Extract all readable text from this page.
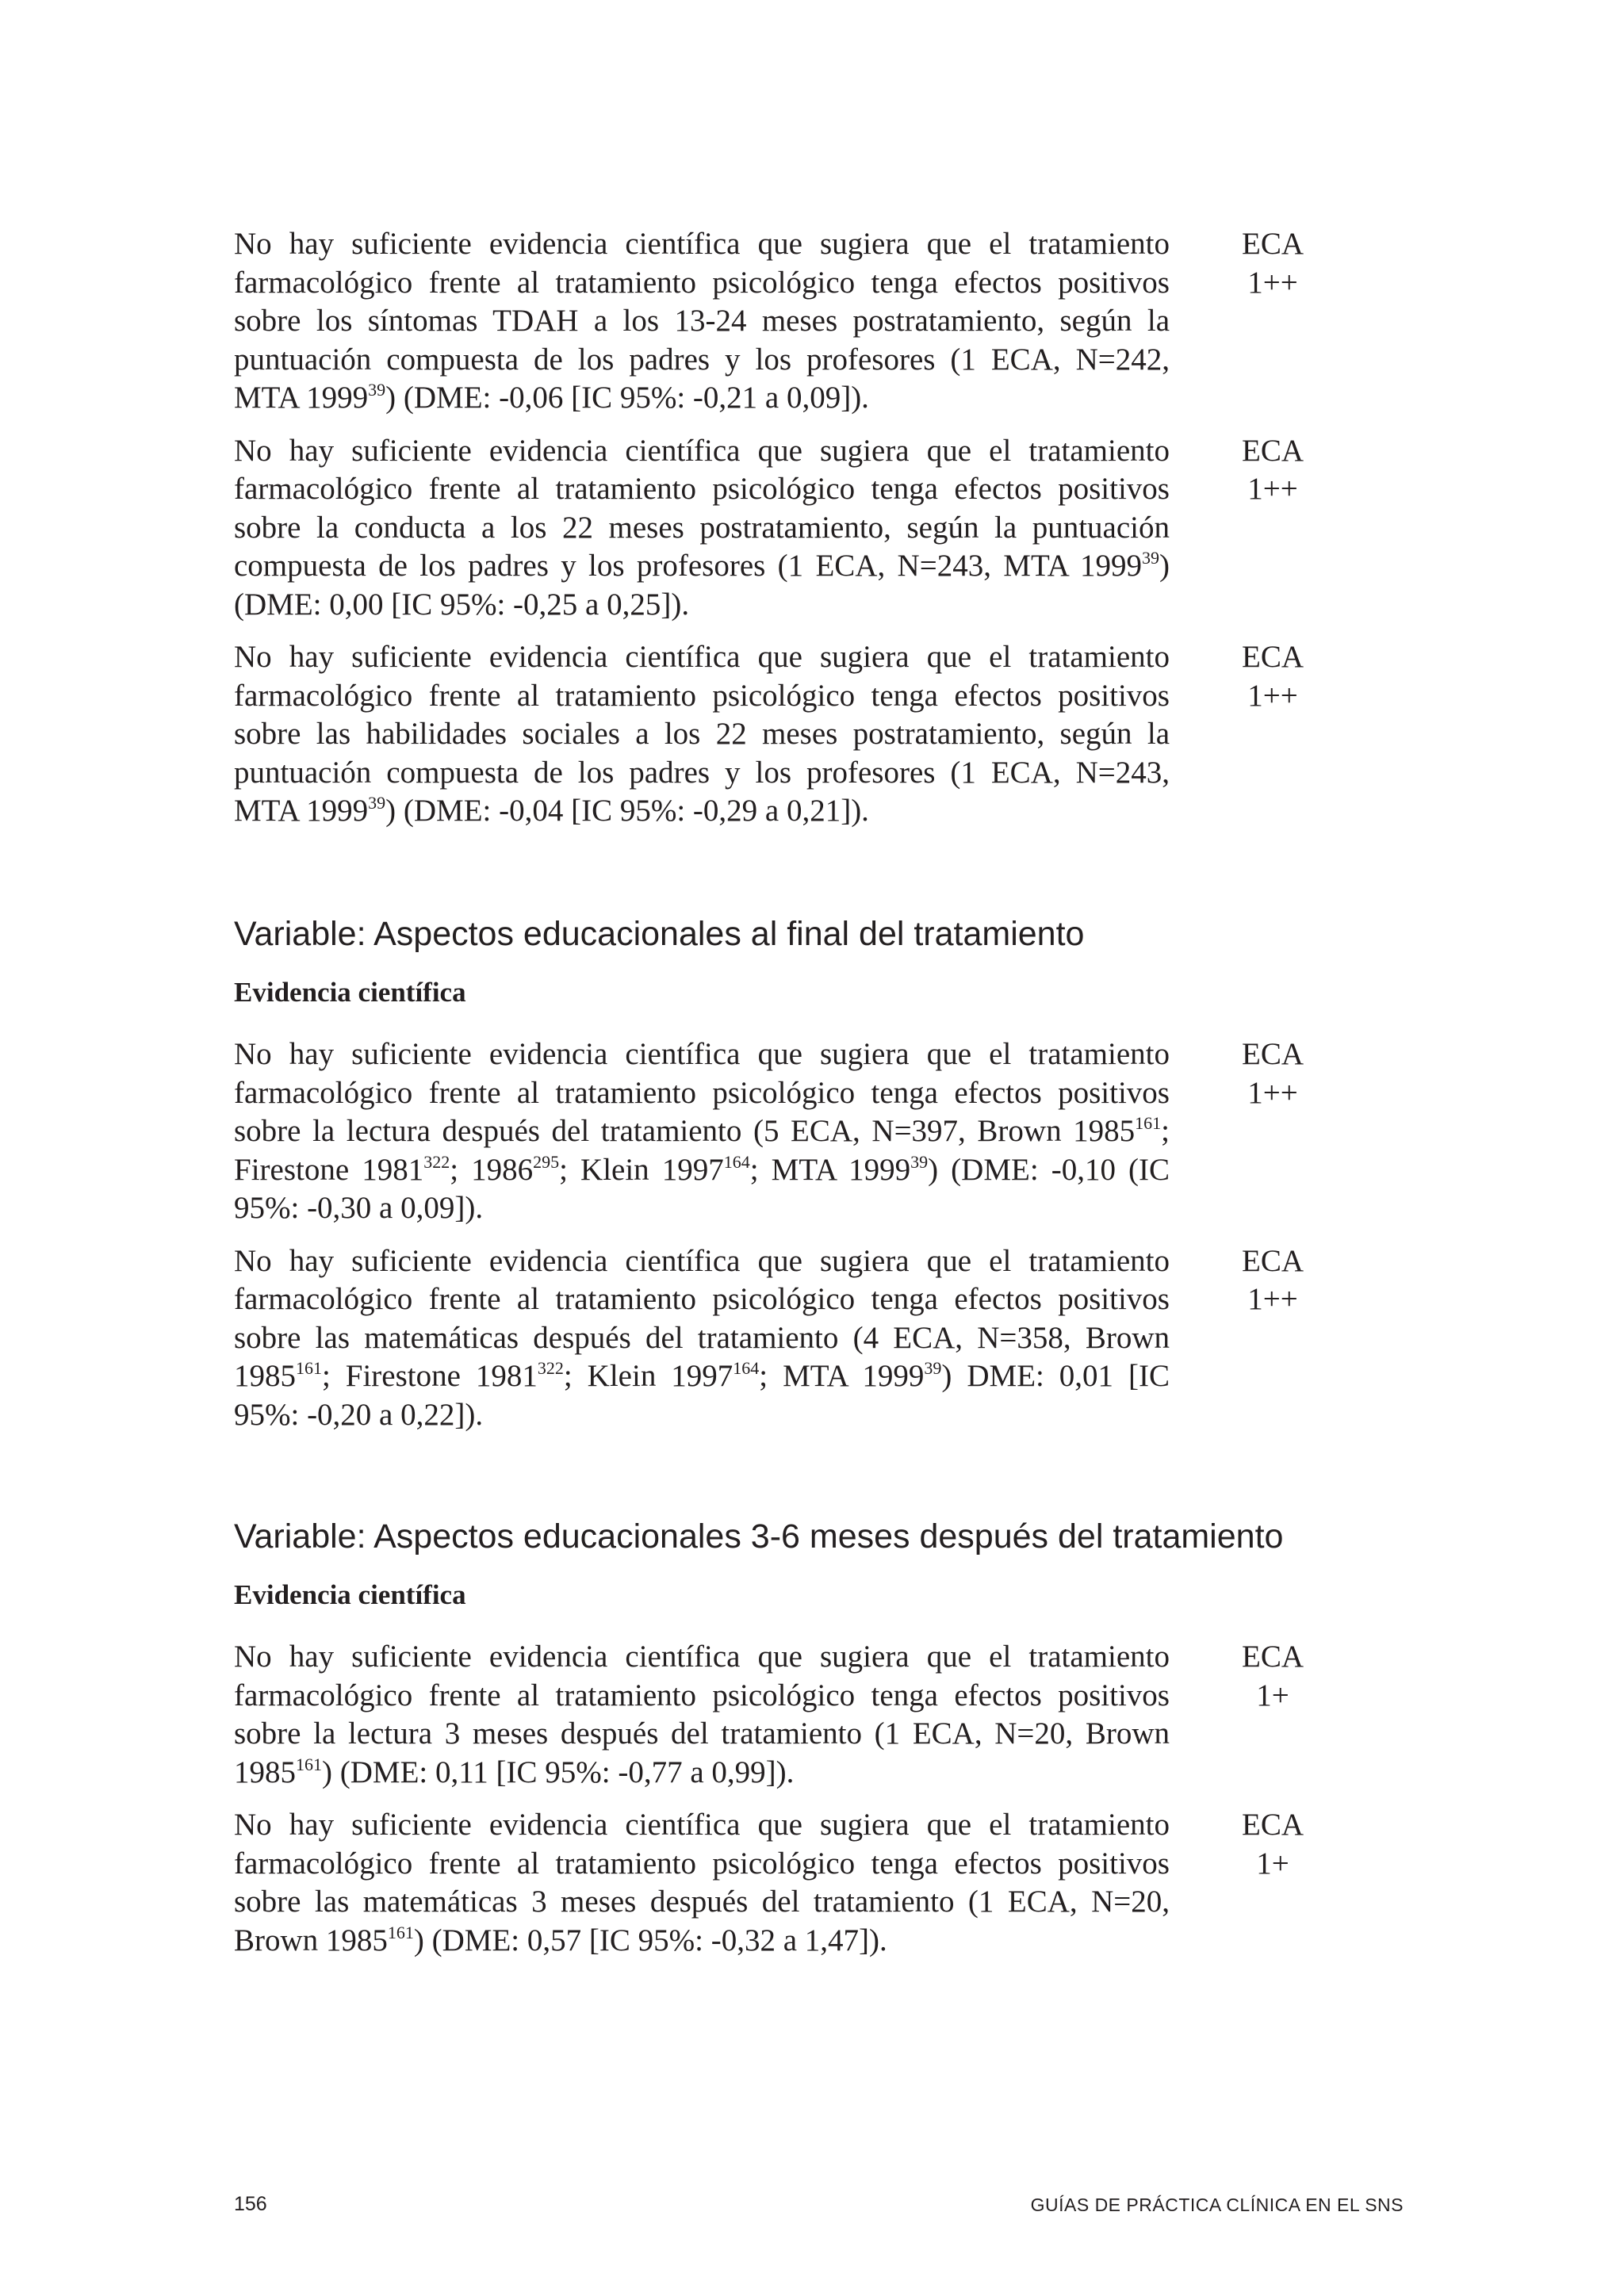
No hay suficiente evidencia científica que sugiera que el tratamiento farmacológico frente al tratamiento psicológico tenga efectos positivos sobre los síntomas TDAH a los 13-24 meses postratamiento, según la puntuación compuesta de los padres y los profesores (1 ECA, N=242, MTA 1999$^{39}$) (DME: -0,06 [IC 95%: -0,21 a 0,09]).
ECA
1++
No hay suficiente evidencia científica que sugiera que el tratamiento farmacológico frente al tratamiento psicológico tenga efectos positivos sobre la conducta a los 22 meses postratamiento, según la puntuación compuesta de los padres y los profesores (1 ECA, N=243, MTA 1999$^{39}$) (DME: 0,00 [IC 95%: -0,25 a 0,25]).
ECA
1++
No hay suficiente evidencia científica que sugiera que el tratamiento farmacológico frente al tratamiento psicológico tenga efectos positivos sobre las habilidades sociales a los 22 meses postratamiento, según la puntuación compuesta de los padres y los profesores (1 ECA, N=243, MTA 1999$^{39}$) (DME: -0,04 [IC 95%: -0,29 a 0,21]).
ECA
1++
Variable: Aspectos educacionales al final del tratamiento
Evidencia científica
No hay suficiente evidencia científica que sugiera que el tratamiento farmacológico frente al tratamiento psicológico tenga efectos positivos sobre la lectura después del tratamiento (5 ECA, N=397, Brown 1985$^{161}$; Firestone 1981$^{322}$; 1986$^{295}$; Klein 1997$^{164}$; MTA 1999$^{39}$) (DME: -0,10 (IC 95%: -0,30 a 0,09]).
ECA
1++
No hay suficiente evidencia científica que sugiera que el tratamiento farmacológico frente al tratamiento psicológico tenga efectos positivos sobre las matemáticas después del tratamiento (4 ECA, N=358, Brown 1985$^{161}$; Firestone 1981$^{322}$; Klein 1997$^{164}$; MTA 1999$^{39}$) DME: 0,01 [IC 95%: -0,20 a 0,22]).
ECA
1++
Variable: Aspectos educacionales 3-6 meses después del tratamiento
Evidencia científica
No hay suficiente evidencia científica que sugiera que el tratamiento farmacológico frente al tratamiento psicológico tenga efectos positivos sobre la lectura 3 meses después del tratamiento (1 ECA, N=20, Brown 1985$^{161}$) (DME: 0,11 [IC 95%: -0,77 a 0,99]).
ECA
1+
No hay suficiente evidencia científica que sugiera que el tratamiento farmacológico frente al tratamiento psicológico tenga efectos positivos sobre las matemáticas 3 meses después del tratamiento (1 ECA, N=20, Brown 1985$^{161}$) (DME: 0,57 [IC 95%: -0,32 a 1,47]).
ECA
1+
156	GUÍAS DE PRÁCTICA CLÍNICA EN EL SNS
